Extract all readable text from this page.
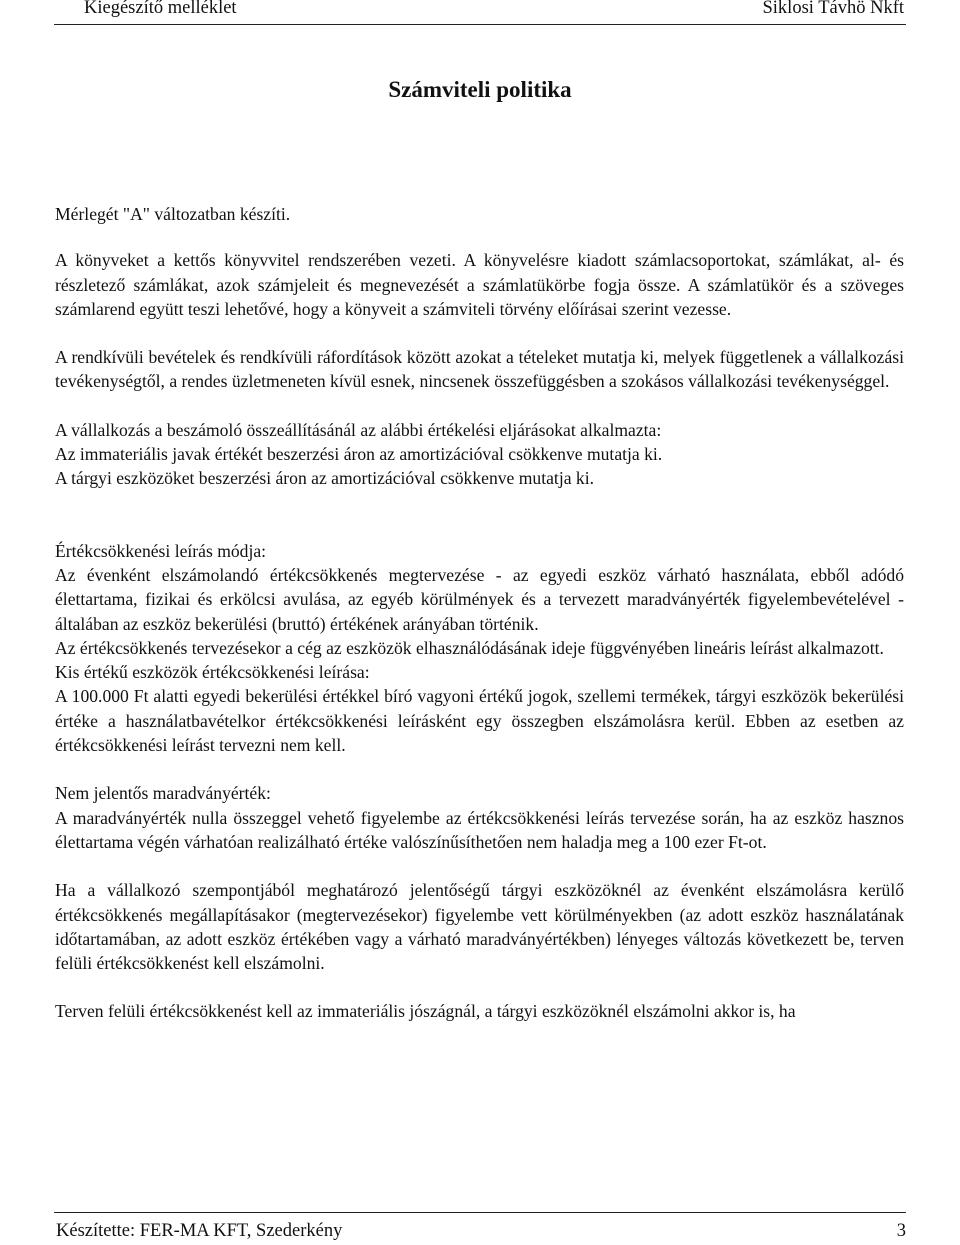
Kiegészítő melléklet	Siklosi Távhö Nkft
Számviteli politika

Mérlegét "A" változatban készíti.

A könyveket a kettős könyvvitel rendszerében vezeti. A könyvelésre kiadott számlacsoportokat, számlákat, al- és részletező számlákat, azok számjeleit és megnevezését a számlatükörbe fogja össze. A számlatükör és a szöveges számlarend együtt teszi lehetővé, hogy a könyveit a számviteli törvény előírásai szerint vezesse.

A rendkívüli bevételek és rendkívüli ráfordítások között azokat a tételeket mutatja ki, melyek függetlenek a vállalkozási tevékenységtől, a rendes üzletmeneten kívül esnek, nincsenek összefüggésben a szokásos vállalkozási tevékenységgel.

A vállalkozás a beszámoló összeállításánál az alábbi értékelési eljárásokat alkalmazta:

Az immateriális javak értékét beszerzési áron az amortizációval csökkenve mutatja ki.

A tárgyi eszközöket beszerzési áron az amortizációval csökkenve mutatja ki.

Értékcsökkenési leírás módja:

Az évenként elszámolandó értékcsökkenés megtervezése - az egyedi eszköz várható használata, ebből adódó élettartama, fizikai és erkölcsi avulása, az egyéb körülmények és a tervezett maradványérték figyelembevételével - általában az eszköz bekerülési (bruttó) értékének arányában történik.

Az értékcsökkenés tervezésekor a cég az eszközök elhasználódásának ideje függvényében lineáris leírást alkalmazott.

Kis értékű eszközök értékcsökkenési leírása:

A 100.000 Ft alatti egyedi bekerülési értékkel bíró vagyoni értékű jogok, szellemi termékek, tárgyi eszközök bekerülési értéke a használatbavételkor értékcsökkenési leírásként egy összegben elszámolásra kerül. Ebben az esetben az értékcsökkenési leírást tervezni nem kell.

Nem jelentős maradványérték:

A maradványérték nulla összeggel vehető figyelembe az értékcsökkenési leírás tervezése során, ha az eszköz hasznos élettartama végén várhatóan realizálható értéke valószínűsíthetően nem haladja meg a 100 ezer Ft-ot.

Ha a vállalkozó szempontjából meghatározó jelentőségű tárgyi eszközöknél az évenként elszámolásra kerülő értékcsökkenés megállapításakor (megtervezésekor) figyelembe vett körülményekben (az adott eszköz használatának időtartamában, az adott eszköz értékében vagy a várható maradványértékben) lényeges változás következett be, terven felüli értékcsökkenést kell elszámolni.

Terven felüli értékcsökkenést kell az immateriális jószágnál, a tárgyi eszközöknél elszámolni akkor is, ha

Készítette: FER-MA KFT, Szederkény	3
